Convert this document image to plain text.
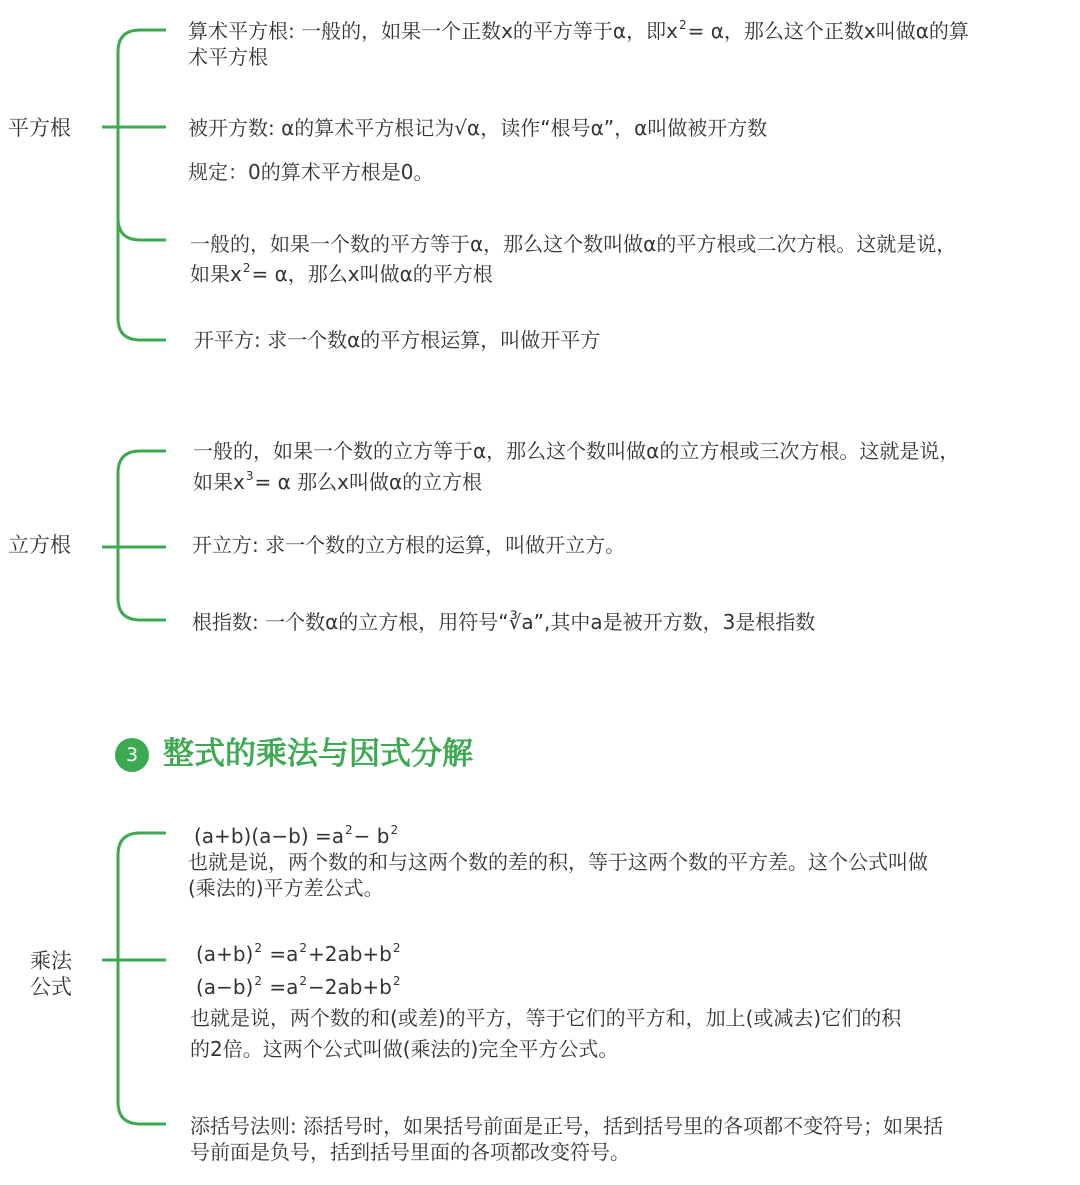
平方根
算术平方根: 一般的，如果一个正数x的平方等于α，即$x^2= \alpha$，那么这个正数x叫做α的算
术平方根
被开方数: α的算术平方根记为√α，读作“根号α”，α叫做被开方数
规定：0的算术平方根是0。
一般的，如果一个数的平方等于α，那么这个数叫做α的平方根或二次方根。这就是说，
如果$x^2= \alpha$，那么x叫做α的平方根
开平方: 求一个数α的平方根运算，叫做开平方
立方根
一般的，如果一个数的立方等于α，那么这个数叫做α的立方根或三次方根。这就是说，
如果$x^3= \alpha$ 那么x叫做α的立方根
开立方: 求一个数的立方根的运算，叫做开立方。
根指数: 一个数α的立方根，用符号“∛a”,其中a是被开方数，3是根指数
3 整式的乘法与因式分解
乘法
公式
$(a+b)(a-b) =a^2- b^2$
也就是说，两个数的和与这两个数的差的积，等于这两个数的平方差。这个公式叫做
(乘法的)平方差公式。
$(a+b)^2 =a^2+2ab+b^2$
$(a-b)^2 =a^2-2ab+b^2$
也就是说，两个数的和(或差)的平方，等于它们的平方和，加上(或减去)它们的积
的2倍。这两个公式叫做(乘法的)完全平方公式。
添括号法则: 添括号时，如果括号前面是正号，括到括号里的各项都不变符号；如果括
号前面是负号，括到括号里面的各项都改变符号。
